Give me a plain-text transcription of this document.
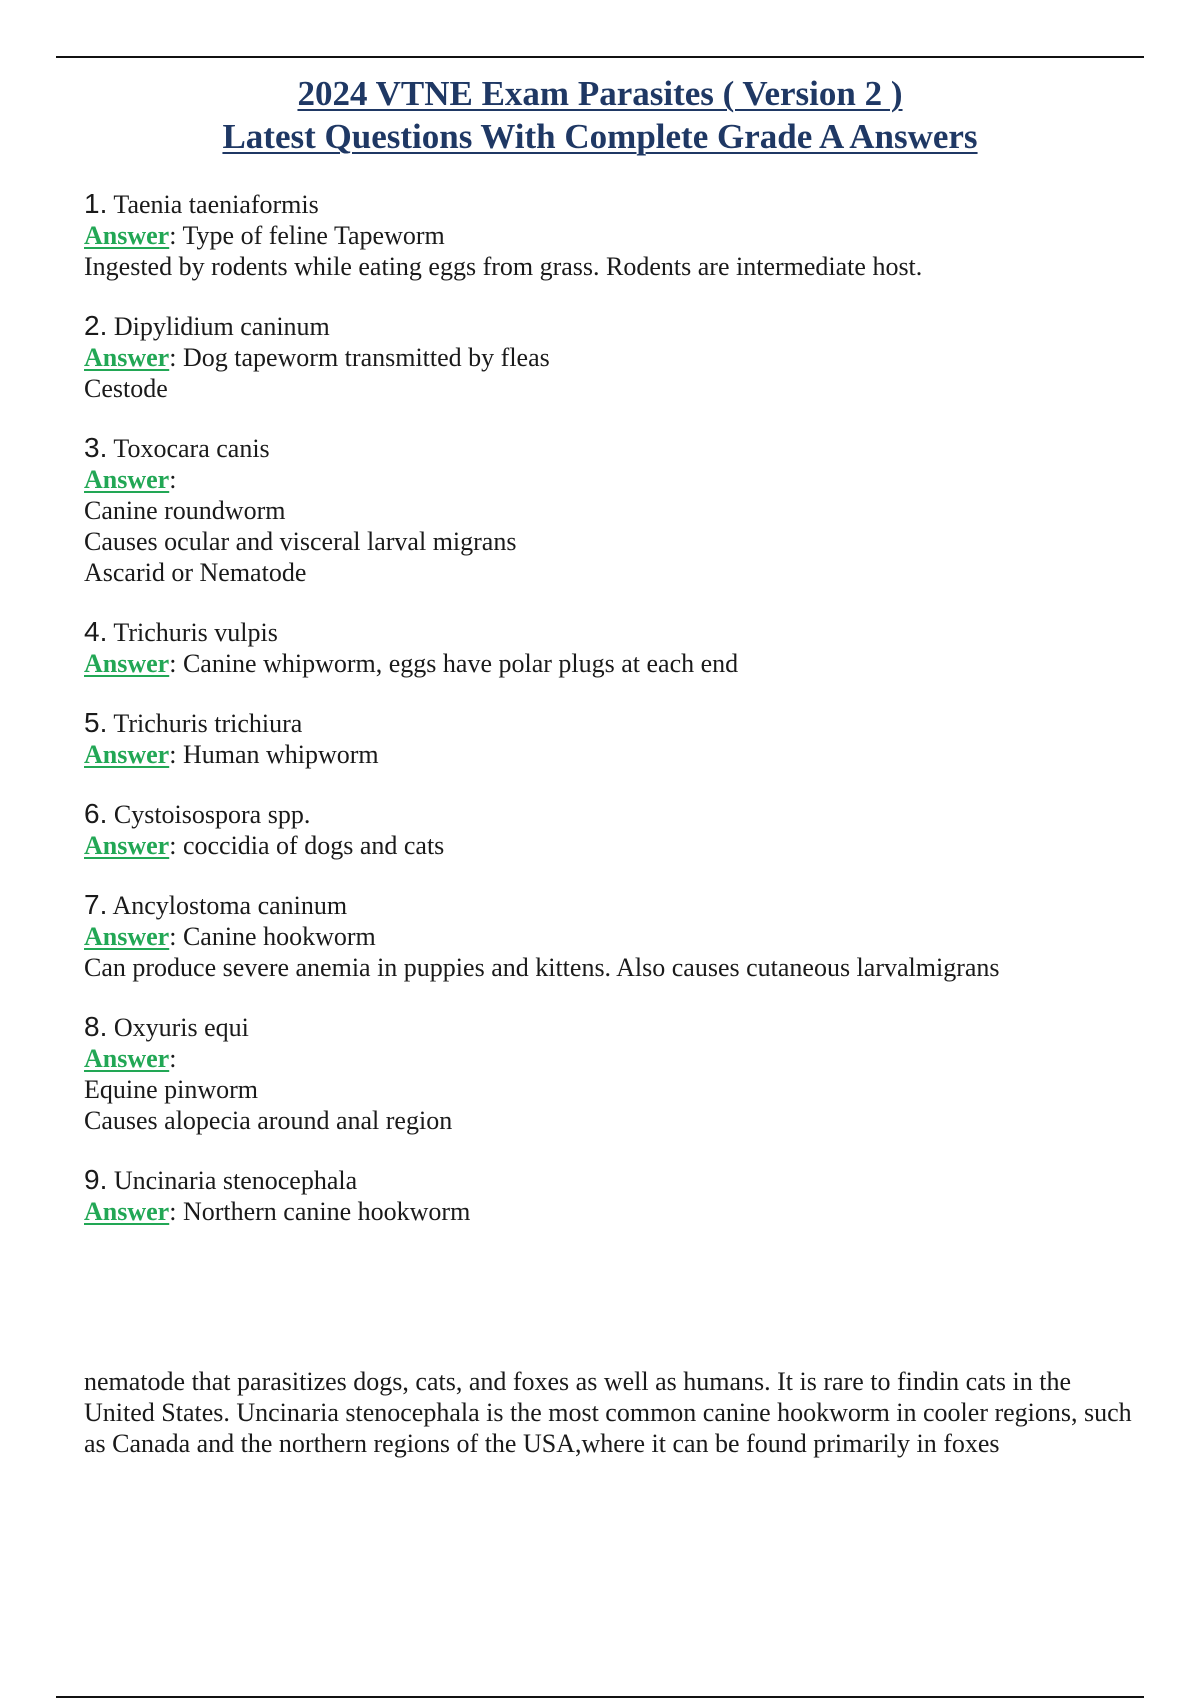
2024 VTNE Exam Parasites ( Version 2 )
Latest Questions With Complete Grade A Answers
1. Taenia taeniaformis
Answer: Type of feline Tapeworm
Ingested by rodents while eating eggs from grass. Rodents are intermediate host.
2. Dipylidium caninum
Answer: Dog tapeworm transmitted by fleas
Cestode
3. Toxocara canis
Answer:
Canine roundworm
Causes ocular and visceral larval migrans
Ascarid or Nematode
4. Trichuris vulpis
Answer: Canine whipworm, eggs have polar plugs at each end
5. Trichuris trichiura
Answer: Human whipworm
6. Cystoisospora spp.
Answer: coccidia of dogs and cats
7. Ancylostoma caninum
Answer: Canine hookworm
Can produce severe anemia in puppies and kittens. Also causes cutaneous larvalmigrans
8. Oxyuris equi
Answer:
Equine pinworm
Causes alopecia around anal region
9. Uncinaria stenocephala
Answer: Northern canine hookworm
nematode that parasitizes dogs, cats, and foxes as well as humans. It is rare to findin cats in the United States. Uncinaria stenocephala is the most common canine hookworm in cooler regions, such as Canada and the northern regions of the USA,where it can be found primarily in foxes
